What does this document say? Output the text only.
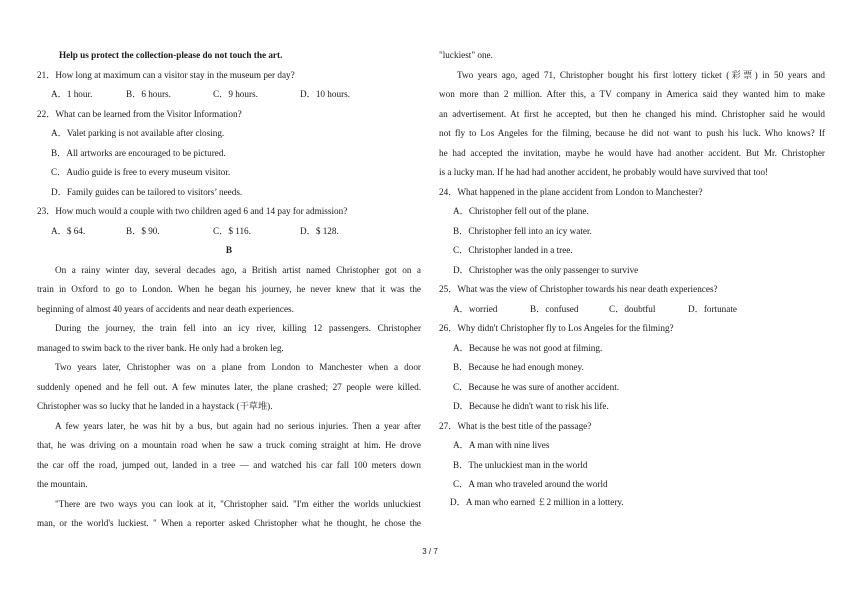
Help us protect the collection-please do not touch the art.
21．How long at maximum can a visitor stay in the museum per day?
A．1 hour.	B．6 hours.	C．9 hours.	D．10 hours.
22．What can be learned from the Visitor Information?
A．Valet parking is not available after closing.
B．All artworks are encouraged to be pictured.
C．Audio guide is free to every museum visitor.
D．Family guides can be tailored to visitors’ needs.
23．How much would a couple with two children aged 6 and 14 pay for admission?
A．$ 64.	B．$ 90.	C．$ 116.	D．$ 128.
B
On a rainy winter day, several decades ago, a British artist named Christopher got on a
train in Oxford to go to London. When he began his journey, he never knew that it was the
beginning of almost 40 years of accidents and near death experiences.
During the journey, the train fell into an icy river, killing 12 passengers. Christopher
managed to swim back to the river bank. He only had a broken leg.
Two years later, Christopher was on a plane from London to Manchester when a door
suddenly opened and he fell out. A few minutes later, the plane crashed; 27 people were killed.
Christopher was so lucky that he landed in a haystack (干草堆).
A few years later, he was hit by a bus, but again had no serious injuries. Then a year after
that, he was driving on a mountain road when he saw a truck coming straight at him. He drove
the car off the road, jumped out, landed in a tree — and watched his car fall 100 meters down
the mountain.
"There are two ways you can look at it, "Christopher said. "I'm either the worlds unluckiest
man, or the world's luckiest. " When a reporter asked Christopher what he thought, he chose the
"luckiest" one.
Two years ago, aged 71, Christopher bought his first lottery ticket (彩票) in 50 years and
won more than 2 million. After this, a TV company in America said they wanted him to make
an advertisement. At first he accepted, but then he changed his mind. Christopher said he would
not fly to Los Angeles for the filming, because he did not want to push his luck. Who knows? If
he had accepted the invitation, maybe he would have had another accident. But Mr. Christopher
is a lucky man. If he had had another accident, he probably would have survived that too!
24．What happened in the plane accident from London to Manchester?
A．Christopher fell out of the plane.
B．Christopher fell into an icy water.
C．Christopher landed in a tree.
D．Christopher was the only passenger to survive
25．What was the view of Christopher towards his near death experiences?
A．worried	B．confused	C．doubtful	D．fortunate
26．Why didn't Christopher fly to Los Angeles for the filming?
A．Because he was not good at filming.
B．Because he had enough money.
C．Because he was sure of another accident.
D．Because he didn't want to risk his life.
27．What is the best title of the passage?
A．A man with nine lives
B．The unluckiest man in the world
C．A man who traveled around the world
D．A man who earned ￡2 million in a lottery.
3 / 7
